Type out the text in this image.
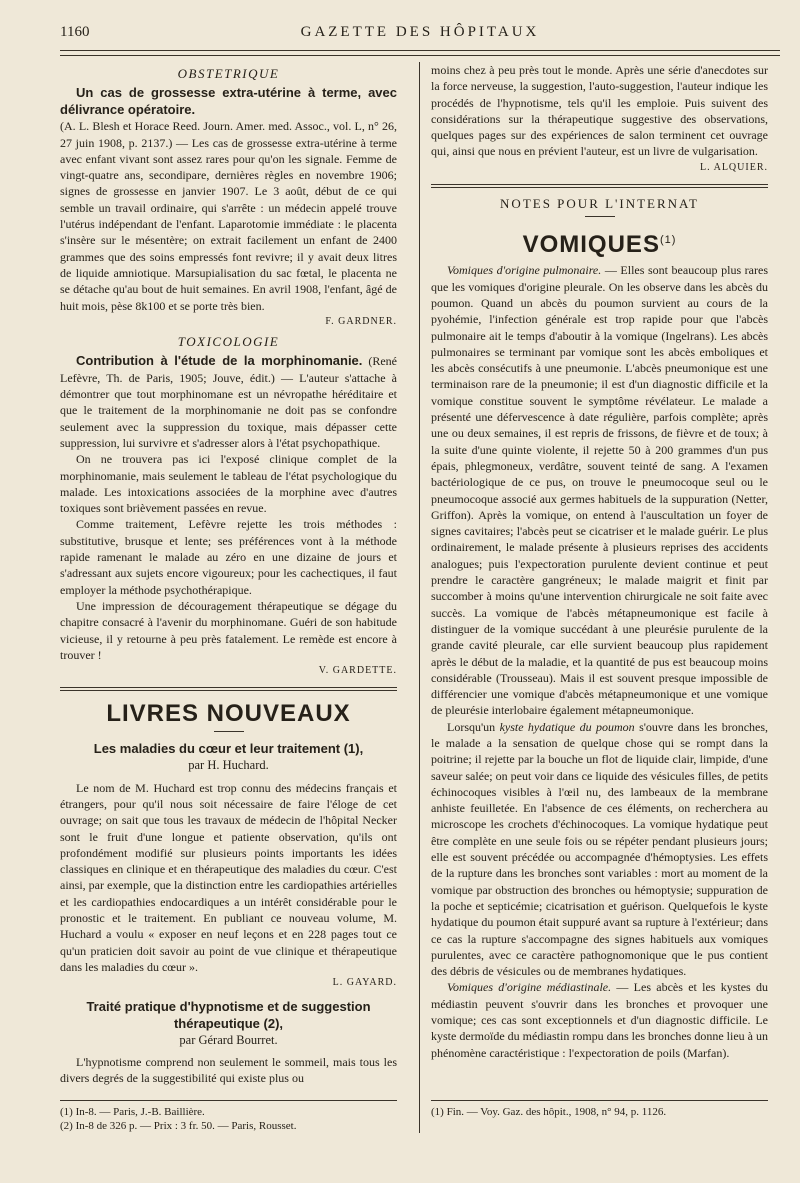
1160	GAZETTE DES HÔPITAUX
OBSTETRIQUE

Un cas de grossesse extra-utérine à terme, avec délivrance opératoire.

(A. L. Blesh et Horace Reed. Journ. Amer. med. Assoc., vol. L, n° 26, 27 juin 1908, p. 2137.) — Les cas de grossesse extra-utérine à terme avec enfant vivant sont assez rares pour qu'on les signale. Femme de vingt-quatre ans, secondipare, dernières règles en novembre 1906; signes de grossesse en janvier 1907. Le 3 août, début de ce qui semble un travail ordinaire, qui s'arrête : un médecin appelé trouve l'utérus indépendant de l'enfant. Laparotomie immédiate : le placenta s'insère sur le mésentère; on extrait facilement un enfant de 2400 grammes que des soins empressés font revivre; il y avait deux litres de liquide amniotique. Marsupialisation du sac fœtal, le placenta ne se détache qu'au bout de huit semaines. En avril 1908, l'enfant, âgé de huit mois, pèse 8k100 et se porte très bien.

F. GARDNER.

TOXICOLOGIE

Contribution à l'étude de la morphinomanie. (René Lefèvre, Th. de Paris, 1905; Jouve, édit.) — L'auteur s'attache à démontrer que tout morphinomane est un névropathe héréditaire et que le traitement de la morphinomanie ne doit pas se confondre seulement avec la suppression du toxique, mais dépasser cette suppression, lui survivre et s'adresser alors à l'état psychopathique.

On ne trouvera pas ici l'exposé clinique complet de la morphinomanie, mais seulement le tableau de l'état psychologique du malade. Les intoxications associées de la morphine avec d'autres toxiques sont brièvement passées en revue.

Comme traitement, Lefèvre rejette les trois méthodes : substitutive, brusque et lente; ses préférences vont à la méthode rapide ramenant le malade au zéro en une dizaine de jours et s'adressant aux sujets encore vigoureux; pour les cachectiques, il faut employer la méthode psychothérapique.

Une impression de découragement thérapeutique se dégage du chapitre consacré à l'avenir du morphinomane. Guéri de son habitude vicieuse, il y retourne à peu près fatalement. Le remède est encore à trouver !

V. GARDETTE.

LIVRES NOUVEAUX
Les maladies du cœur et leur traitement (1),
par H. Huchard.

Le nom de M. Huchard est trop connu des médecins français et étrangers, pour qu'il nous soit nécessaire de faire l'éloge de cet ouvrage; on sait que tous les travaux de médecin de l'hôpital Necker sont le fruit d'une longue et patiente observation, qu'ils ont profondément modifié sur plusieurs points importants les idées classiques en clinique et en thérapeutique des maladies du cœur. C'est ainsi, par exemple, que la distinction entre les cardiopathies artérielles et les cardiopathies endocardiques a un intérêt considérable pour le pronostic et le traitement. En publiant ce nouveau volume, M. Huchard a voulu « exposer en neuf leçons et en 228 pages tout ce qu'un praticien doit savoir au point de vue clinique et thérapeutique dans les maladies du cœur ».

L. GAYARD.

Traité pratique d'hypnotisme et de suggestion thérapeutique (2),
par Gérard Bourret.

L'hypnotisme comprend non seulement le sommeil, mais tous les divers degrés de la suggestibilité qui existe plus ou

(1) In-8. — Paris, J.-B. Baillière.
(2) In-8 de 326 p. — Prix : 3 fr. 50. — Paris, Rousset.

moins chez à peu près tout le monde. Après une série d'anecdotes sur la force nerveuse, la suggestion, l'auto-suggestion, l'auteur indique les procédés de l'hypnotisme, tels qu'il les emploie. Puis suivent des considérations sur la thérapeutique suggestive des observations, quelques pages sur des expériences de salon terminent cet ouvrage qui, ainsi que nous en prévient l'auteur, est un livre de vulgarisation.

L. ALQUIER.

NOTES POUR L'INTERNAT
VOMIQUES$^{(1)}$

Vomiques d'origine pulmonaire. — Elles sont beaucoup plus rares que les vomiques d'origine pleurale. On les observe dans les abcès du poumon. Quand un abcès du poumon survient au cours de la pyohémie, l'infection générale est trop rapide pour que l'abcès pulmonaire ait le temps d'aboutir à la vomique (Ingelrans). Les abcès pulmonaires se terminant par vomique sont les abcès emboliques et les abcès consécutifs à une pneumonie. L'abcès pneumonique est une terminaison rare de la pneumonie; il est d'un diagnostic difficile et la vomique constitue souvent le symptôme révélateur. Le malade a présenté une défervescence à date régulière, parfois complète; après une ou deux semaines, il est repris de frissons, de fièvre et de toux; à la suite d'une quinte violente, il rejette 50 à 200 grammes d'un pus épais, phlegmoneux, verdâtre, souvent teinté de sang. A l'examen bactériologique de ce pus, on trouve le pneumocoque seul ou le pneumocoque associé aux germes habituels de la suppuration (Netter, Griffon). Après la vomique, on entend à l'auscultation un foyer de signes cavitaires; l'abcès peut se cicatriser et le malade guérir. Le plus ordinairement, le malade présente à plusieurs reprises des accidents analogues; puis l'expectoration purulente devient continue et peut prendre le caractère gangréneux; le malade maigrit et finit par succomber à moins qu'une intervention chirurgicale ne soit faite avec succès. La vomique de l'abcès métapneumonique est facile à distinguer de la vomique succédant à une pleurésie purulente de la grande cavité pleurale, car elle survient beaucoup plus rapidement après le début de la maladie, et la quantité de pus est beaucoup moins considérable (Trousseau). Mais il est souvent presque impossible de différencier une vomique d'abcès métapneumonique et une vomique de pleurésie interlobaire également métapneumonique.

Lorsqu'un kyste hydatique du poumon s'ouvre dans les bronches, le malade a la sensation de quelque chose qui se rompt dans la poitrine; il rejette par la bouche un flot de liquide clair, limpide, d'une saveur salée; on peut voir dans ce liquide des vésicules filles, de petits échinocoques visibles à l'œil nu, des lambeaux de la membrane anhiste feuilletée. En l'absence de ces éléments, on recherchera au microscope les crochets d'échinocoques. La vomique hydatique peut être complète en une seule fois ou se répéter pendant plusieurs jours; elle est souvent précédée ou accompagnée d'hémoptysies. Les effets de la rupture dans les bronches sont variables : mort au moment de la vomique par obstruction des bronches ou hémoptysie; suppuration de la poche et septicémie; cicatrisation et guérison. Quelquefois le kyste hydatique du poumon était suppuré avant sa rupture à l'extérieur; dans ce cas la rupture s'accompagne des signes habituels aux vomiques purulentes, avec ce caractère pathognomonique que le pus contient des débris de vésicules ou de membranes hydatiques.

Vomiques d'origine médiastinale. — Les abcès et les kystes du médiastin peuvent s'ouvrir dans les bronches et provoquer une vomique; ces cas sont exceptionnels et d'un diagnostic difficile. Le kyste dermoïde du médiastin rompu dans les bronches donne lieu à un phénomène caractéristique : l'expectoration de poils (Marfan).

(1) Fin. — Voy. Gaz. des hôpit., 1908, n° 94, p. 1126.
